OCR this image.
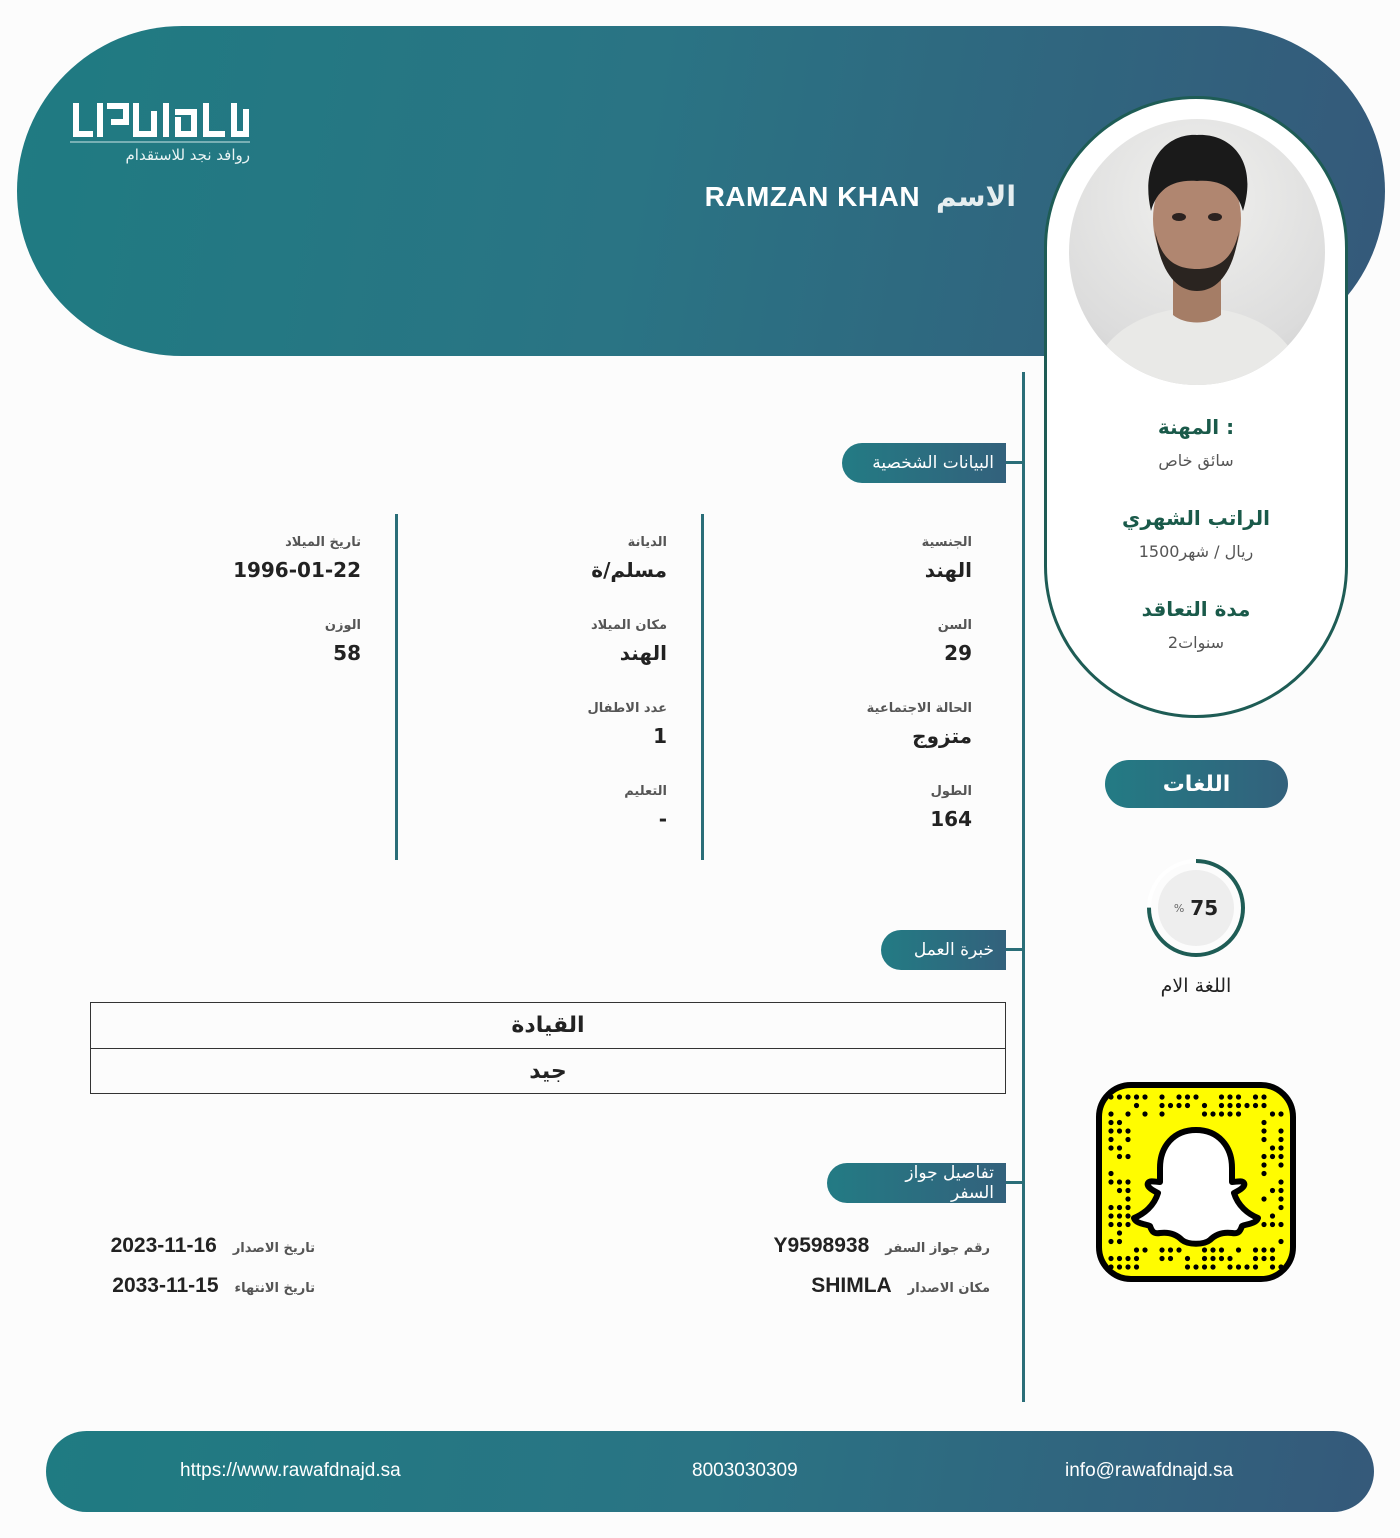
روافد نجد للاستقدام
الاسم
RAMZAN KHAN
المهنة :
سائق خاص
الراتب الشهري
1500ريال / شهر
مدة التعاقد
2سنوات
اللغات
% 75
اللغة الام
البيانات الشخصية
الجنسية
الهند
السن
29
الحالة الاجتماعية
متزوج
الطول
164
الديانة
مسلم/ة
مكان الميلاد
الهند
عدد الاطفال
1
التعليم
-
تاريخ الميلاد
1996-01-22
الوزن
58
خبرة العمل
القيادة
جيد
تفاصيل جواز السفر
رقم جواز السفر
Y9598938
مكان الاصدار
SHIMLA
تاريخ الاصدار
2023-11-16
تاريخ الانتهاء
2033-11-15
https://www.rawafdnajd.sa	8003030309	info@rawafdnajd.sa
